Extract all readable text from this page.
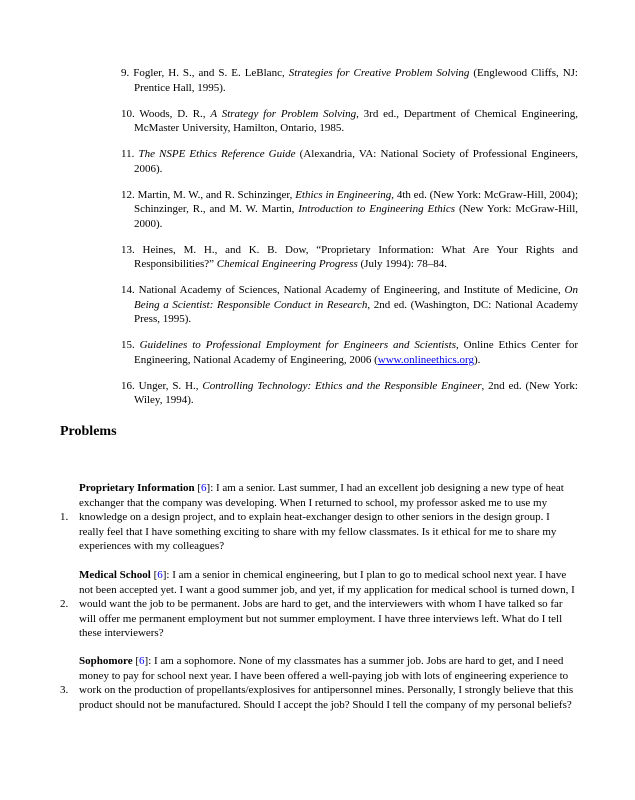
9. Fogler, H. S., and S. E. LeBlanc, Strategies for Creative Problem Solving (Englewood Cliffs, NJ: Prentice Hall, 1995).

10. Woods, D. R., A Strategy for Problem Solving, 3rd ed., Department of Chemical Engineering, McMaster University, Hamilton, Ontario, 1985.

11. The NSPE Ethics Reference Guide (Alexandria, VA: National Society of Professional Engineers, 2006).

12. Martin, M. W., and R. Schinzinger, Ethics in Engineering, 4th ed. (New York: McGraw-Hill, 2004); Schinzinger, R., and M. W. Martin, Introduction to Engineering Ethics (New York: McGraw-Hill, 2000).

13. Heines, M. H., and K. B. Dow, “Proprietary Information: What Are Your Rights and Responsibilities?” Chemical Engineering Progress (July 1994): 78–84.

14. National Academy of Sciences, National Academy of Engineering, and Institute of Medicine, On Being a Scientist: Responsible Conduct in Research, 2nd ed. (Washington, DC: National Academy Press, 1995).

15. Guidelines to Professional Employment for Engineers and Scientists, Online Ethics Center for Engineering, National Academy of Engineering, 2006 (www.onlineethics.org).

16. Unger, S. H., Controlling Technology: Ethics and the Responsible Engineer, 2nd ed. (New York: Wiley, 1994).

Problems
1.
Proprietary Information [6]: I am a senior. Last summer, I had an excellent job designing a new type of heat exchanger that the company was developing. When I returned to school, my professor asked me to use my knowledge on a design project, and to explain heat-exchanger design to other seniors in the design group. I really feel that I have something exciting to share with my fellow classmates. Is it ethical for me to share my experiences with my colleagues?
2.
Medical School [6]: I am a senior in chemical engineering, but I plan to go to medical school next year. I have not been accepted yet. I want a good summer job, and yet, if my application for medical school is turned down, I would want the job to be permanent. Jobs are hard to get, and the interviewers with whom I have talked so far will offer me permanent employment but not summer employment. I have three interviews left. What do I tell these interviewers?
3.
Sophomore [6]: I am a sophomore. None of my classmates has a summer job. Jobs are hard to get, and I need money to pay for school next year. I have been offered a well-paying job with lots of engineering experience to work on the production of propellants/explosives for antipersonnel mines. Personally, I strongly believe that this product should not be manufactured. Should I accept the job? Should I tell the company of my personal beliefs?
